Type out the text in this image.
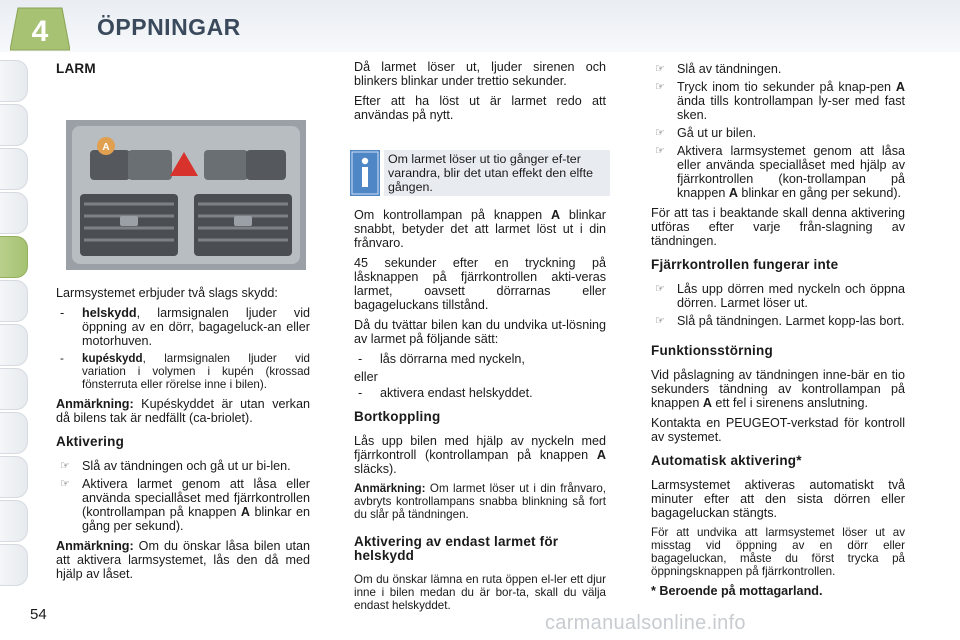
4 ÖPPNINGAR
LARM
A

Larmsystemet erbjuder två slags skydd:

- helskydd, larmsignalen ljuder vid öppning av en dörr, bagageluck-an eller motorhuven.
- kupéskydd, larmsignalen ljuder vid variation i volymen i kupén (krossad fönsterruta eller rörelse inne i bilen).

Anmärkning: Kupéskyddet är utan verkan då bilens tak är nedfällt (ca-briolet).

Aktivering
☞ Slå av tändningen och gå ut ur bi-len.
☞ Aktivera larmet genom att låsa eller använda speciallåset med fjärrkontrollen (kontrollampan på knappen A blinkar en gång per sekund).

Anmärkning: Om du önskar låsa bilen utan att aktivera larmsystemet, lås den då med hjälp av låset.

Då larmet löser ut, ljuder sirenen och blinkers blinkar under trettio sekunder.

Efter att ha löst ut är larmet redo att användas på nytt.

Om larmet löser ut tio gånger ef-ter varandra, blir det utan effekt den elfte gången.

Om kontrollampan på knappen A blinkar snabbt, betyder det att larmet löst ut i din frånvaro.

45 sekunder efter en tryckning på låsknappen på fjärrkontrollen akti-veras larmet, oavsett dörrarnas eller bagageluckans tillstånd.

Då du tvättar bilen kan du undvika ut-lösning av larmet på följande sätt:

- lås dörrarna med nyckeln,

eller

- aktivera endast helskyddet.
Bortkoppling

Lås upp bilen med hjälp av nyckeln med fjärrkontroll (kontrollampan på knappen A släcks).

Anmärkning: Om larmet löser ut i din frånvaro, avbryts kontrollampans snabba blinkning så fort du slår på tändningen.

Aktivering av endast larmet för helskydd

Om du önskar lämna en ruta öppen el-ler ett djur inne i bilen medan du är bor-ta, skall du välja endast helskyddet.

☞ Slå av tändningen.
☞ Tryck inom tio sekunder på knap-pen A ända tills kontrollampan ly-ser med fast sken.
☞ Gå ut ur bilen.
☞ Aktivera larmsystemet genom att låsa eller använda speciallåset med hjälp av fjärrkontrollen (kon-trollampan på knappen A blinkar en gång per sekund).

För att tas i beaktande skall denna aktivering utföras efter varje från-slagning av tändningen.

Fjärrkontrollen fungerar inte
☞ Lås upp dörren med nyckeln och öppna dörren. Larmet löser ut.
☞ Slå på tändningen. Larmet kopp-las bort.
Funktionsstörning

Vid påslagning av tändningen inne-bär en tio sekunders tändning av kontrollampan på knappen A ett fel i sirenens anslutning.

Kontakta en PEUGEOT-verkstad för kontroll av systemet.

Automatisk aktivering*

Larmsystemet aktiveras automatiskt två minuter efter att den sista dörren eller bagageluckan stängts.

För att undvika att larmsystemet löser ut av misstag vid öppning av en dörr eller bagageluckan, måste du först trycka på öppningsknappen på fjärrkontrollen.

* Beroende på mottagarland.
54	carmanualsonline.info
